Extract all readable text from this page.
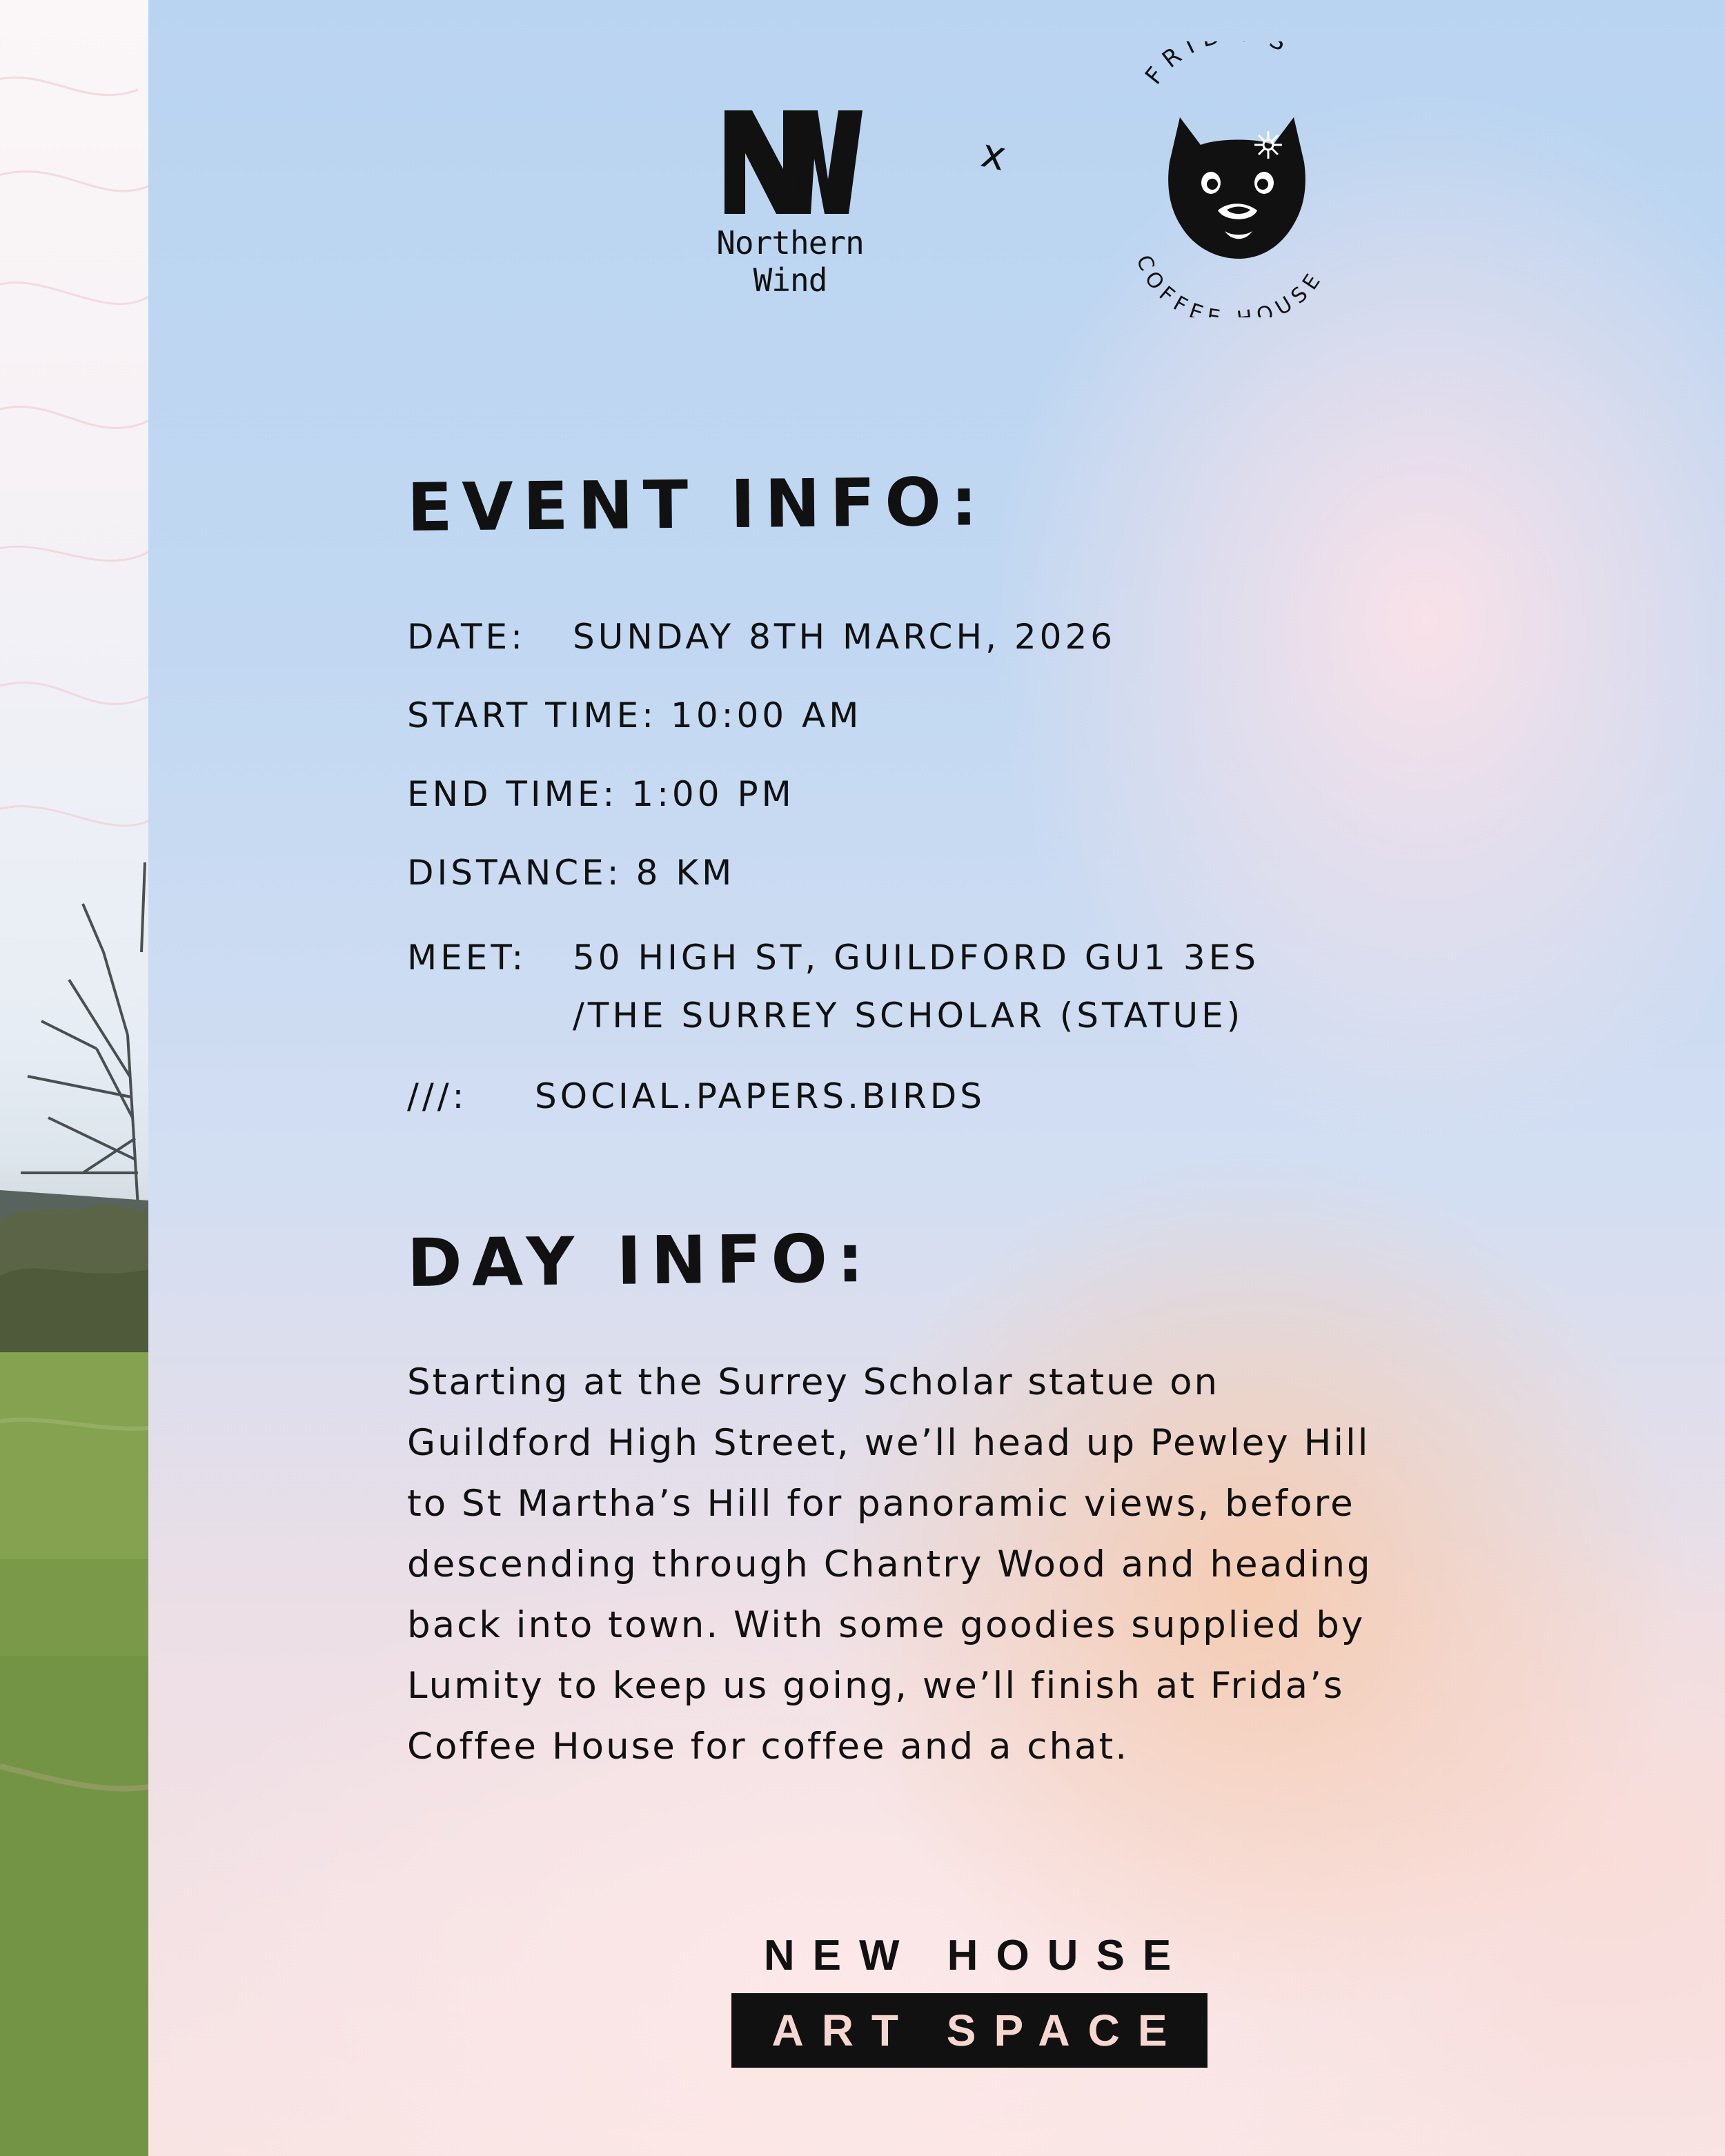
Northern Wind
x
FRI S
COFFE OUSE
EVENT INFO:
DATE:	SUNDAY 8TH MARCH, 2026
START TIME: 10:00 AM
END TIME: 1:00 PM
DISTANCE: 8 KM
MEET:	50 HIGH ST, GUILDFORD GU1 3ES
/THE SURREY SCHOLAR (STATUE)
///:	SOCIAL.PAPERS.BIRDS
DAY INFO:
Starting at the Surrey Scholar statue on
Guildford High Street, we’ll head up Pewley Hill
to St Martha’s Hill for panoramic views, before
descending through Chantry Wood and heading
back into town. With some goodies supplied by
Lumity to keep us going, we’ll finish at Frida’s
Coffee House for coffee and a chat.
NEW HOUSE
ART SPACE
